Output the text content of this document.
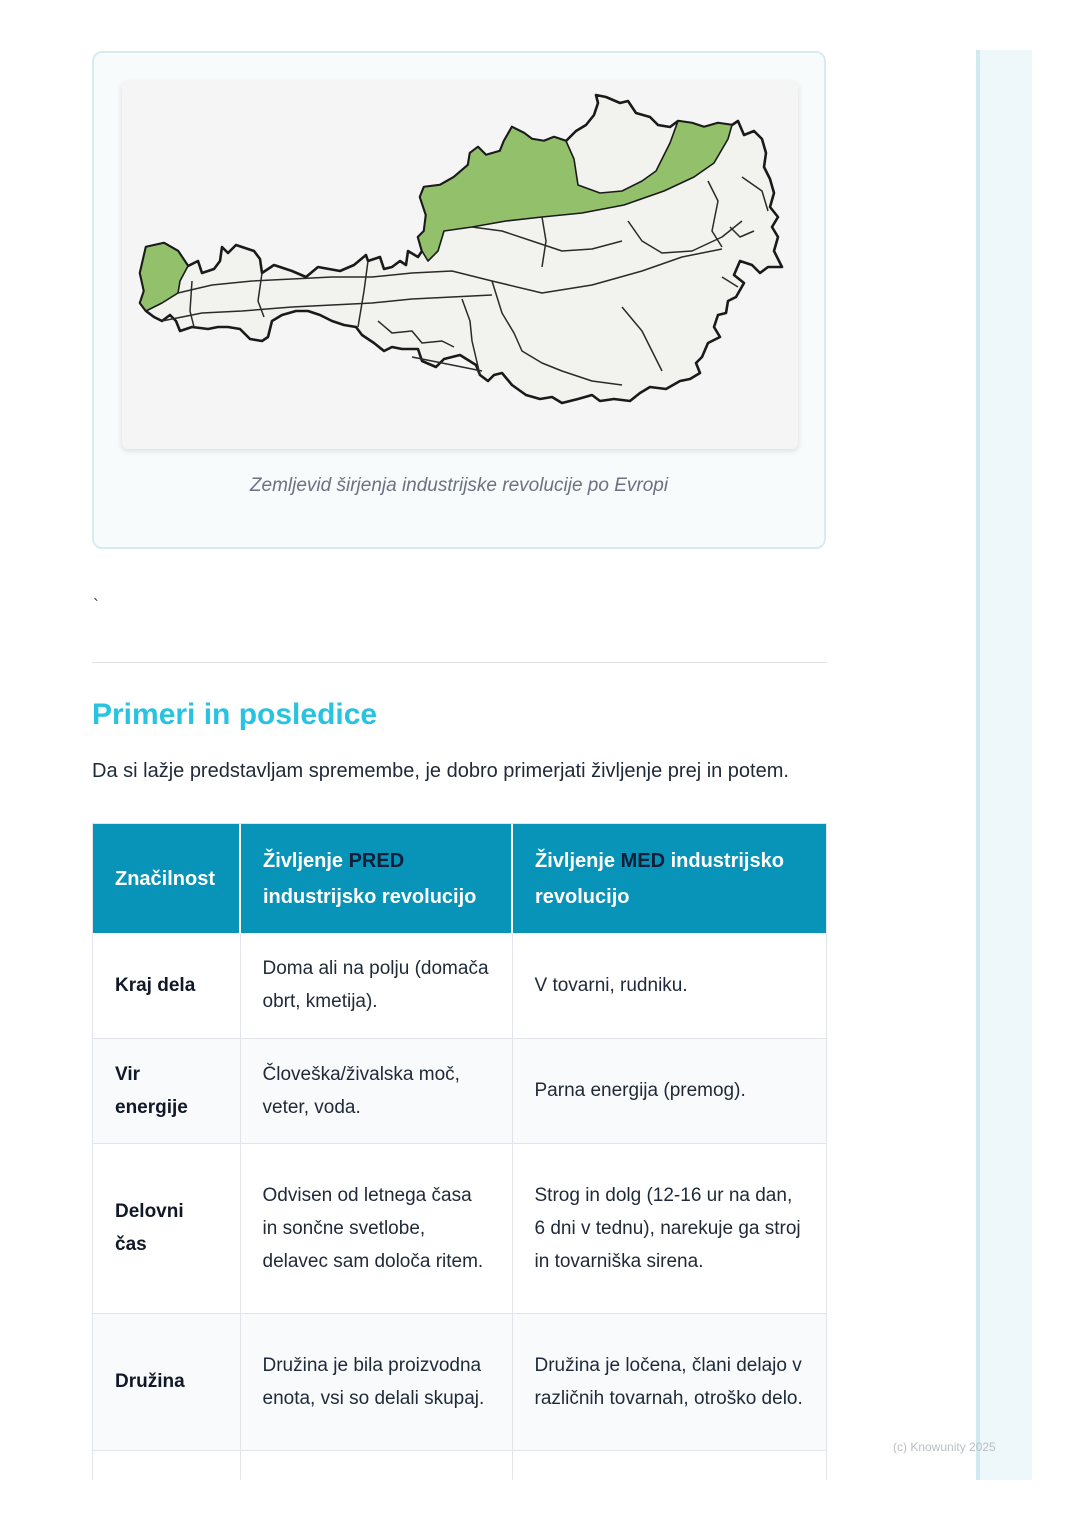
Zemljevid širjenja industrijske revolucije po Evropi
`
Primeri in posledice

Da si lažje predstavljam spremembe, je dobro primerjati življenje prej in potem.

Značilnost	Življenje PRED industrijsko revolucijo	Življenje MED industrijsko revolucijo
Kraj dela	Doma ali na polju (domača obrt, kmetija).	V tovarni, rudniku.
Vir energije	Človeška/živalska moč, veter, voda.	Parna energija (premog).
Delovni čas	Odvisen od letnega časa in sončne svetlobe, delavec sam določa ritem.	Strog in dolg (12-16 ur na dan, 6 dni v tednu), narekuje ga stroj in tovarniška sirena.
Družina	Družina je bila proizvodna enota, vsi so delali skupaj.	Družina je ločena, člani delajo v različnih tovarnah, otroško delo.

(c) Knowunity 2025
